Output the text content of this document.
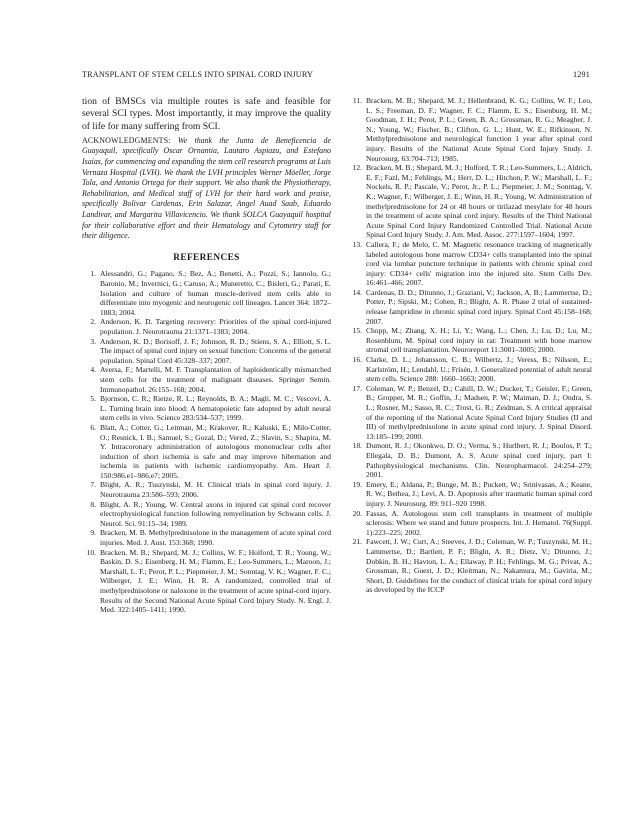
TRANSPLANT OF STEM CELLS INTO SPINAL CORD INJURY	1291

tion of BMSCs via multiple routes is safe and feasible for several SCI types. Most importantly, it may improve the quality of life for many suffering from SCI.

ACKNOWLEDGMENTS: We thank the Junta de Beneficencia de Guayaquil, specifically Oscar Ornantia, Lautaro Aspiazu, and Estefano Isaias, for commencing and expanding the stem cell research programs at Luis Vernaza Hospital (LVH). We thank the LVH principles Werner Möeller, Jorge Tola, and Antonio Ortega for their support. We also thank the Physiotherapy, Rehabilitation, and Medical staff of LVH for their hard work and praise, specifically Bolivar Cardenas, Erin Salazar, Angel Auad Saab, Eduardo Landivar, and Margarita Villavicencio. We thank SOLCA Guayaquil hospital for their collaborative effort and their Hematology and Cytometry staff for their diligence.

REFERENCES
1. Alessandri, G.; Pagano, S.; Bez, A.; Benetti, A.; Pozzi, S.; Iannolo, G.; Baronio, M.; Invernici, G.; Caruso, A.; Muneretto, C.; Bisleri, G.; Parati, E. Isolation and culture of human muscle-derived stem cells able to differentiate into myogenic and neurogenic cell lineages. Lancet 364: 1872–1883; 2004.
2. Anderson, K. D. Targeting recovery: Priorities of the spinal cord-injured population. J. Neurotrauma 21:1371–1383; 2004.
3. Anderson, K. D.; Borisoff, J. F.; Johnson, R. D.; Stiens, S. A.; Elliott, S. L. The impact of spinal cord injury on sexual function: Concerns of the general population. Spinal Cord 45:328–337; 2007.
4. Aversa, F.; Martelli, M. F. Transplantation of haploidentically mismatched stem cells for the treatment of malignant diseases. Springer Semin. Immunopathol. 26:155–168; 2004.
5. Bjornson, C. R.; Rietze, R. L.; Reynolds, B. A.; Magli, M. C.; Vescovi, A. L. Turning brain into blood: A hematopoietic fate adopted by adult neural stem cells in vivo. Science 283:534–537; 1999.
6. Blatt, A.; Cotter, G.; Leitman, M.; Krakover, R.; Kaluski, E.; Milo-Cotter, O.; Resnick, I. B.; Samuel, S.; Gozal, D.; Vered, Z.; Slavin, S.; Shapira, M. Y. Intracoronary administration of autologous mononuclear cells after induction of short ischemia is safe and may improve hibernation and ischemia in patients with ischemic cardiomyopathy. Am. Heart J. 150:986.e1–986.e7; 2005.
7. Blight, A. R.; Tuszynski, M. H. Clinical trials in spinal cord injury. J. Neurotrauma 23:586–593; 2006.
8. Blight, A. R.; Young, W. Central axons in injured cat spinal cord recover electrophysiological function following remyelination by Schwann cells. J. Neurol. Sci. 91:15–34; 1989.
9. Bracken, M. B. Methylprednisolone in the management of acute spinal cord injuries. Med. J. Aust. 153:368; 1990.
10. Bracken, M. B.; Shepard, M. J.; Collins, W. F.; Holford, T. R.; Young, W.; Baskin, D. S.; Eisenberg, H. M.; Flamm, E.; Leo-Summers, L.; Maroon, J.; Marshall, L. F.; Perot, P. L.; Piepmeier, J. M.; Sonntag, V. K.; Wagner, F. C.; Wilberger, J. E.; Winn, H. R. A randomized, controlled trial of methylprednisolone or naloxone in the treatment of acute spinal-cord injury. Results of the Second National Acute Spinal Cord Injury Study. N. Engl. J. Med. 322:1405–1411; 1990.
11. Bracken, M. B.; Shepard, M. J.; Hellenbrand, K. G.; Collins, W. F.; Leo, L. S.; Freeman, D. F.; Wagner, F. C.; Flamm, E. S.; Eisenburg, H. M.; Goodman, J. H.; Perot, P. L.; Green, B. A.; Grossman, R. G.; Meagher, J. N.; Young, W.; Fischer, B.; Clifton, G. L.; Hunt, W. E.; Rifkinson, N. Methylprednisolone and neurological function 1 year after spinal cord injury. Results of the National Acute Spinal Cord Injury Study. J. Neurosurg. 63:704–713; 1985.
12. Bracken, M. B.; Shepard, M. J.; Holford, T. R.; Leo-Summers, L.; Aldrich, E. F.; Fazl, M.; Fehlings, M.; Herr, D. L.; Hitchon, P. W.; Marshall, L. F.; Nockels, R. P.; Pascale, V.; Perot, Jr., P. L.; Piepmeier, J. M.; Sonntag, V. K.; Wagner, F.; Wilberger, J. E.; Winn, H. R.; Young, W. Administration of methylprednisolone for 24 or 48 hours or tirilazad mesylate for 48 hours in the treatment of acute spinal cord injury. Results of the Third National Acute Spinal Cord Injury Randomized Controlled Trial. National Acute Spinal Cord Injury Study. J. Am. Med. Assoc. 277:1597–1604; 1997.
13. Callera, F.; de Melo, C. M. Magnetic resonance tracking of magnetically labeled autologous bone marrow CD34+ cells transplanted into the spinal cord via lumbar puncture technique in patients with chronic spinal cord injury: CD34+ cells' migration into the injured site. Stem Cells Dev. 16:461–466; 2007.
14. Cardenas, D. D.; Ditunno, J.; Graziani, V.; Jackson, A. B.; Lammertse, D.; Potter, P.; Sipski, M.; Cohen, R.; Blight, A. R. Phase 2 trial of sustained-release fampridine in chronic spinal cord injury. Spinal Cord 45:158–168; 2007.
15. Chopp, M.; Zhang, X. H.; Li, Y.; Wang, L.; Chen, J.; Lu, D.; Lu, M.; Rosenblum, M. Spinal cord injury in rat: Treatment with bone marrow stromal cell transplantation. Neuroreport 11:3001–3005; 2000.
16. Clarke, D. L.; Johansson, C. B.; Wilbertz, J.; Veress, B.; Nilsson, E.; Karlström, H.; Lendahl, U.; Frisén, J. Generalized potential of adult neural stem cells. Science 288: 1660–1663; 2000.
17. Coleman, W. P.; Benzel, D.; Cahill, D. W.; Ducker, T.; Geisler, F.; Green, B.; Gropper, M. R.; Goffin, J.; Madsen, P. W.; Maiman, D. J.; Ondra, S. L.; Rosner, M.; Sasso, R. C.; Trost, G. R.; Zeidman, S. A critical appraisal of the reporting of the National Acute Spinal Cord Injury Studies (II and III) of methylprednisolone in acute spinal cord injury. J. Spinal Disord. 13:185–199; 2000.
18. Dumont, R. J.; Okonkwo, D. O.; Verma, S.; Hurlbert, R. J.; Boulos, P. T.; Ellegala, D. B.; Dumont, A. S. Acute spinal cord injury, part I: Pathophysiological mechanisms. Clin. Neuropharmacol. 24:254–279; 2001.
19. Emery, E.; Aldana, P.; Bunge, M. B.; Puckett, W.; Srinivasan, A.; Keane, R. W.; Bethea, J.; Levi, A. D. Apoptosis after traumatic human spinal cord injury. J. Neurosurg. 89: 911–920 1998.
20. Fassas, A. Autologous stem cell transplants in treatment of multiple sclerosis: Where we stand and future prospects. Int. J. Hematol. 76(Suppl. 1):223–225; 2002.
21. Fawcett, J. W.; Curt, A.; Steeves, J. D.; Coleman, W. P.; Tuszynski, M. H.; Lammertse, D.; Bartlett, P. F.; Blight, A. R.; Dietz, V.; Ditunno, J.; Dobkin, B. H.; Havton, L. A.; Ellaway, P. H.; Fehlings, M. G.; Privat, A.; Grossman, R.; Guest, J. D.; Kleitman, N.; Nakamura, M.; Gaviria, M.; Short, D. Guidelines for the conduct of clinical trials for spinal cord injury as developed by the ICCP
